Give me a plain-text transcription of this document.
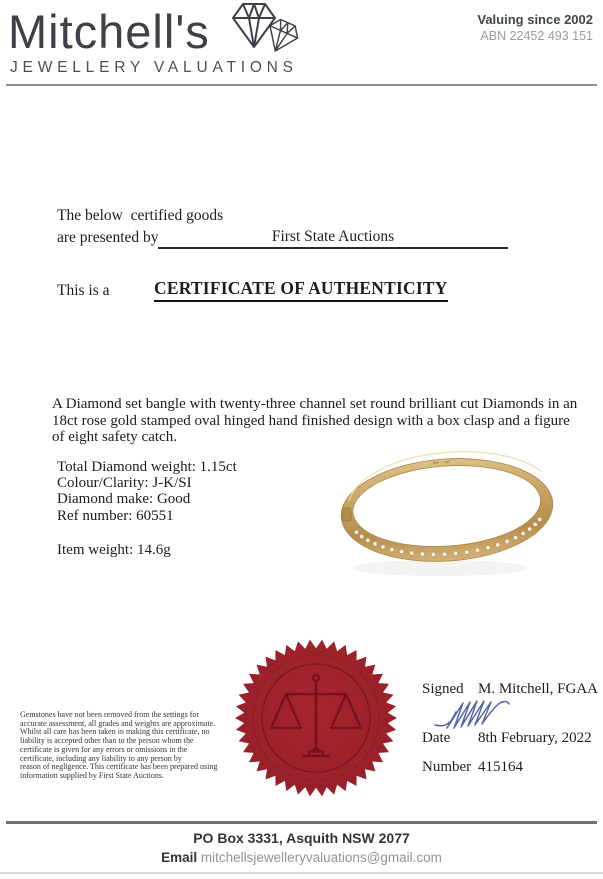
Mitchell's
JEWELLERY VALUATIONS
Valuing since 2002
ABN 22452 493 151
The below  certified goods
are presented by	First State Auctions
This is a	CERTIFICATE OF AUTHENTICITY
A Diamond set bangle with twenty-three channel set round brilliant cut Diamonds in an
18ct rose gold stamped oval hinged hand finished design with a box clasp and a figure
of eight safety catch.
Total Diamond weight: 1.15ct
Colour/Clarity: J-K/SI
Diamond make: Good
Ref number: 60551
Item weight: 14.6g
Gemstones have not been removed from the settings for
accurate assessment, all grades and weights are approximate.
Whilst all care has been taken in making this certificate, no
liability is accepted other than to the person whom the
certificate is given for any errors or omissions in the
certificate, including any liability to any person by
reason of negligence. This certificate has been prepared using
information supplied by First State Auctions.
Signed M. Mitchell, FGAA
Date 8th February, 2022
Number 415164
PO Box 3331, Asquith NSW 2077
Email mitchellsjewelleryvaluations@gmail.com
